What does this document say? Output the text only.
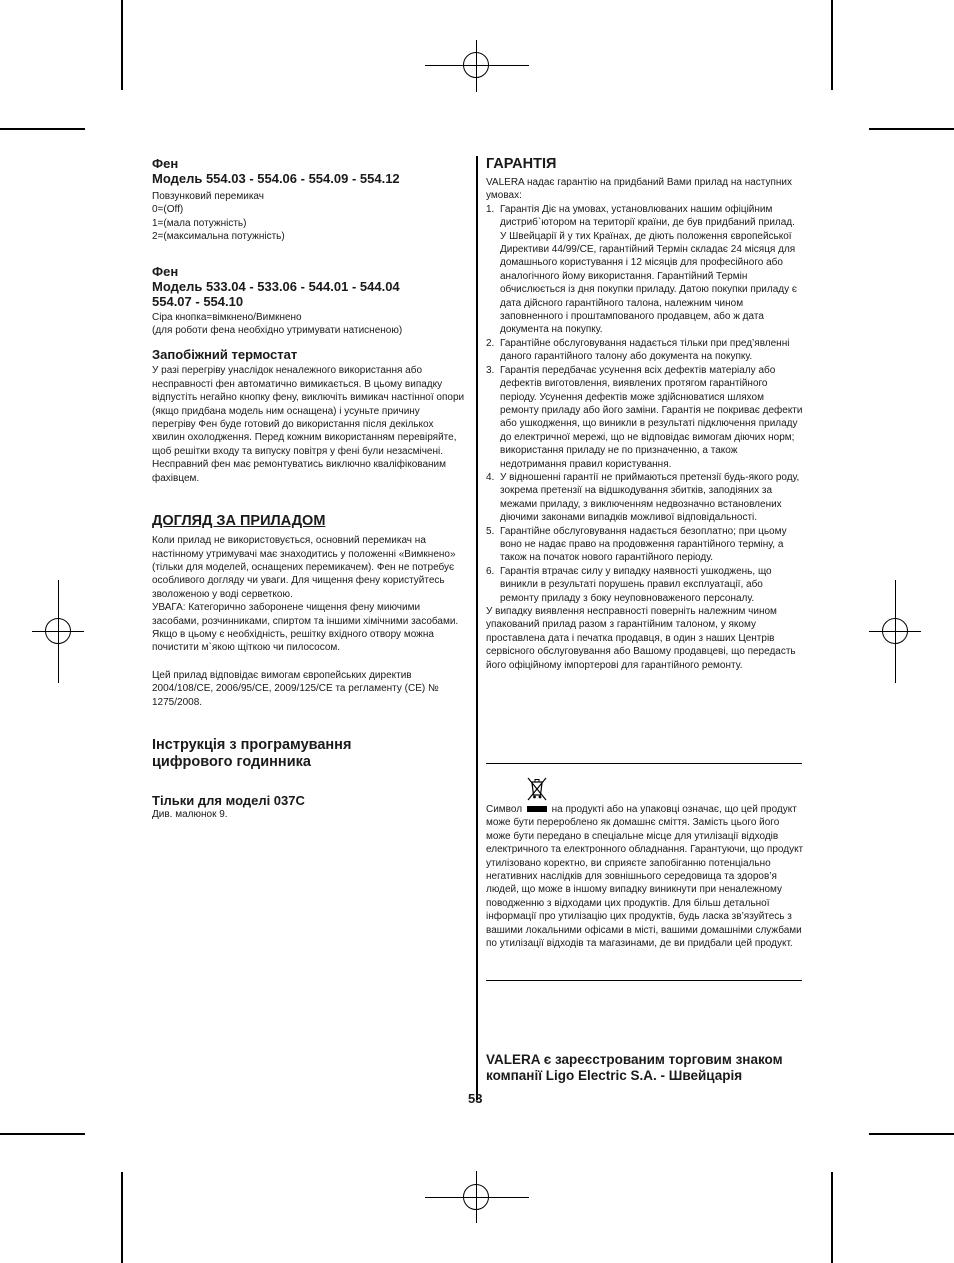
Фен

Модель 554.03 - 554.06 - 554.09 - 554.12

Повзунковий перемикач

0=(Off)

1=(мала потужність)

2=(максимальна потужність)

Фен

Модель 533.04 - 533.06 - 544.01 - 544.04

554.07 - 554.10

Сіра кнопка=вімкнено/Вимкнено

(для роботи фена необхідно утримувати натисненою)

Запобіжний термостат

У разі перегріву унаслідок неналежного використання або несправності фен автоматично вимикається. В цьому випадку відпустіть негайно кнопку фену, виключіть вимикач настінної опори (якщо придбана модель ним оснащена) і усуньте причину перегріву Фен буде готовий до використання після декількох хвилин охолодження. Перед кожним використанням перевіряйте, щоб решітки входу та випуску повітря у фені були незасмічені. Несправний фен має ремонтуватись виключно кваліфікованим фахівцем.

ДОГЛЯД ЗА ПРИЛАДОМ

Коли прилад не використовується, основний перемикач на настінному утримувачі має знаходитись у положенні «Вимкнено» (тільки для моделей, оснащених перемикачем). Фен не потребує особливого догляду чи уваги. Для чищення фену користуйтесь зволоженою у воді серветкою.

УВАГА: Категорично заборонене чищення фену миючими засобами, розчинниками, спиртом та іншими хімічними засобами.

Якщо в цьому є необхідність, решітку вхідного отвору можна почистити м`якою щіткою чи пилососом.

Цей прилад відповідає вимогам європейських директив 2004/108/CE, 2006/95/CE, 2009/125/CE та регламенту (CE) № 1275/2008.

Інструкція з програмування

цифрового годинника

Тільки для моделі 037C

Див. малюнок 9.

ГАРАНТІЯ

VALERA надає гарантію на придбаний Вами прилад на наступних умовах:

1. Гарантія Діє на умовах, установлюваних нашим офіційним дистриб`ютором на території країни, де був придбаний прилад. У Швейцарії й у тих Країнах, де діють положення європейської Директиви 44/99/CE, гарантійний Термін складає 24 місяця для домашнього користування і 12 місяців для професійного або аналогічного йому використання. Гарантійний Термін обчислюється із дня покупки приладу. Датою покупки приладу є дата дійсного гарантійного талона, належним чином заповненного і проштампованого продавцем, або ж дата документа на покупку.
2. Гарантійне обслуговування надається тільки при пред’явленні даного гарантійного талону або документа на покупку.
3. Гарантія передбачає усунення всіх дефектів матеріалу або дефектів виготовлення, виявлених протягом гарантійного періоду. Усунення дефектів може здійснюватися шляхом ремонту приладу або його заміни. Гарантія не покриває дефекти або ушкодження, що виникли в результаті підключення приладу до електричної мережі, що не відповідає вимогам діючих норм; використання приладу не по призначенню, а також недотримання правил користування.
4. У відношенні гарантії не приймаються претензії будь-якого роду, зокрема претензії на відшкодування збитків, заподіяних за межами приладу, з виключенням недвозначно встановлених діючими законами випадків можливої відповідальності.
5. Гарантійне обслуговування надається безоплатно; при цьому воно не надає право на продовження гарантійного терміну, а також на початок нового гарантійного періоду.
6. Гарантія втрачає силу у випадку наявності ушкоджень, що виникли в результаті порушень правил експлуатації, або ремонту приладу з боку неуповноваженого персоналу.

У випадку виявлення несправності поверніть належним чином упакований прилад разом з гарантійним талоном, у якому проставлена дата і печатка продавця, в один з наших Центрів сервісного обслуговування або Вашому продавцеві, що передасть його офіційному імпортерові для гарантійного ремонту.

Символ	на продукті або на упаковці означає, що цей продукт може бути перероблено як домашнє сміття. Замість цього його може бути передано в спеціальне місце для утилізації відходів електричного та електронного обладнання. Гарантуючи, що продукт утилізовано коректно, ви сприяєте запобіганню потенціально негативних наслідків для зовнішнього середовища та здоров’я людей, що може в іншому випадку виникнути при неналежному поводженню з відходами цих продуктів. Для більш детальної інформації про утилізацію цих продуктів, будь ласка зв’язуйтесь з вашими локальними офісами в місті, вашими домашніми службами по утилізації відходів та магазинами, де ви придбали цей продукт.

VALERA є зареєстрованим торговим знаком

компанії Ligo Electric S.A. - Швейцарія

53
